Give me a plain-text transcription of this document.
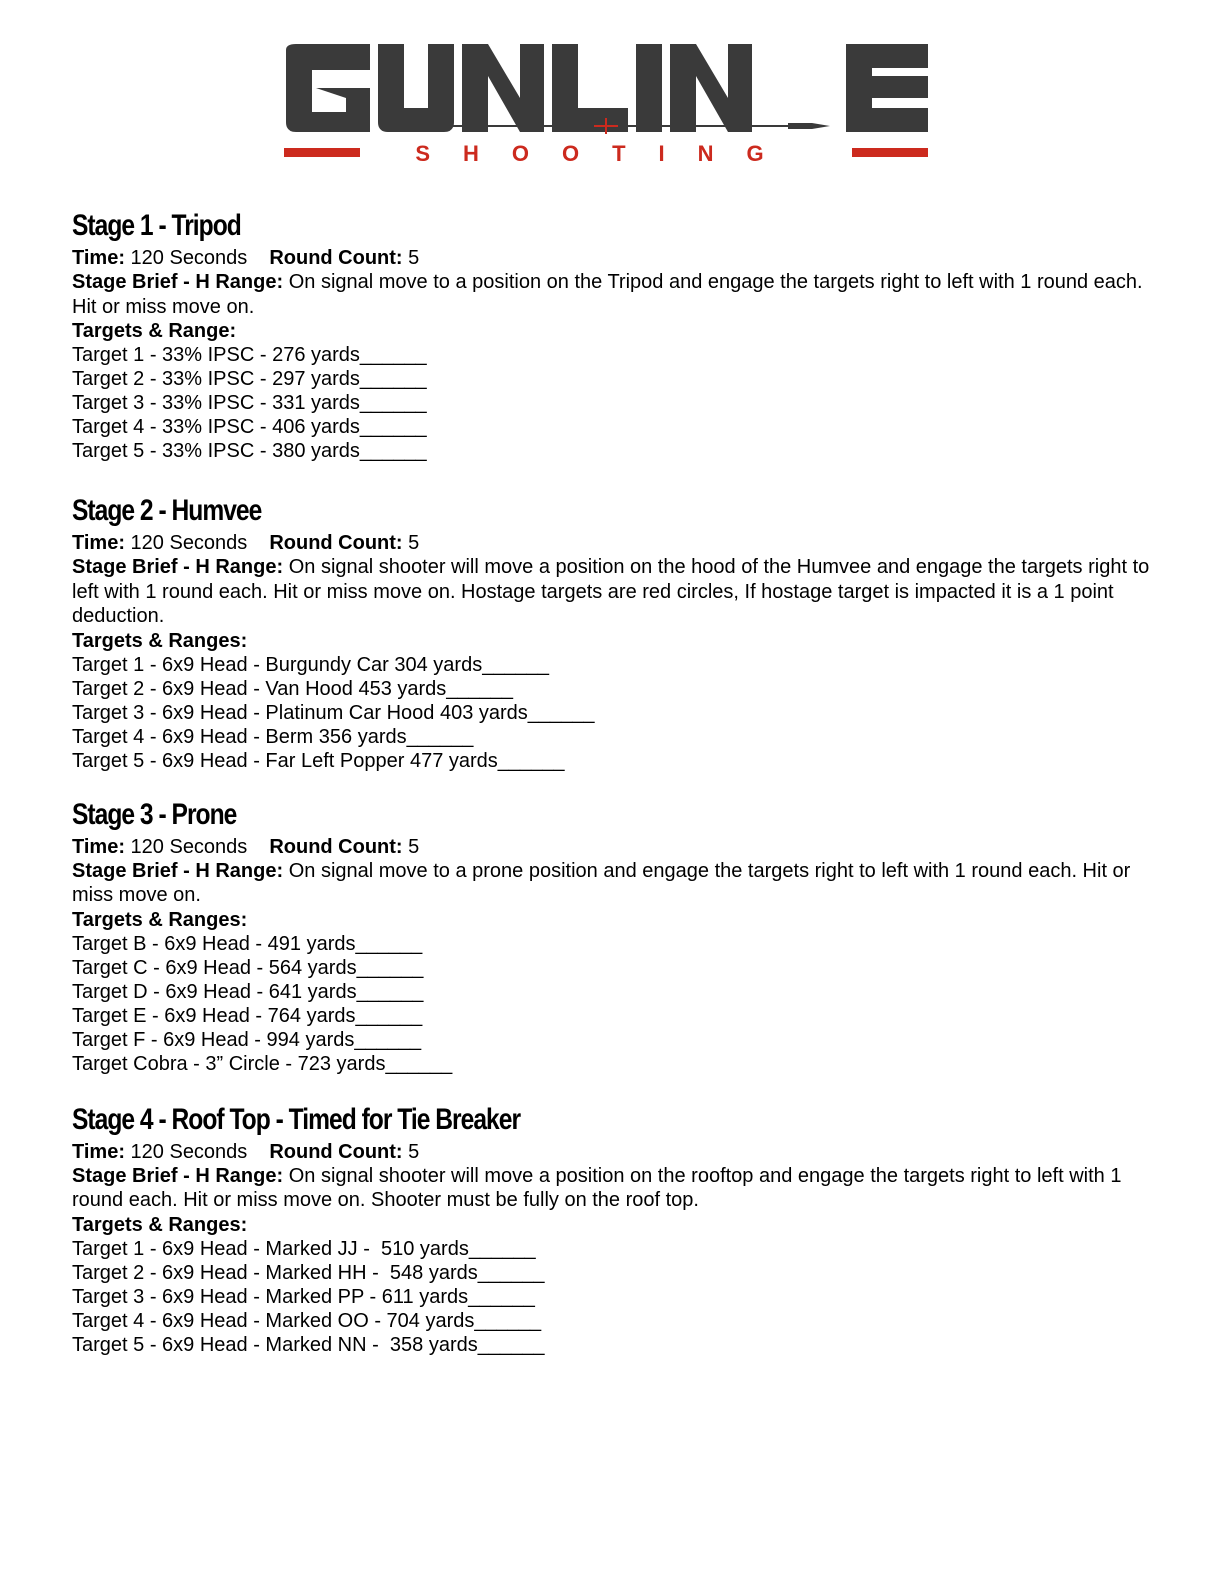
SHOOTING
Stage 1 - Tripod
Time: 120 Seconds Round Count: 5
Stage Brief - H Range: On signal move to a position on the Tripod and engage the targets right to left with 1 round each. Hit or miss move on.
Targets & Range:
Target 1 - 33% IPSC - 276 yards______
Target 2 - 33% IPSC - 297 yards______
Target 3 - 33% IPSC - 331 yards______
Target 4 - 33% IPSC - 406 yards______
Target 5 - 33% IPSC - 380 yards______
Stage 2 - Humvee
Time: 120 Seconds Round Count: 5
Stage Brief - H Range: On signal shooter will move a position on the hood of the Humvee and engage the targets right to left with 1 round each. Hit or miss move on. Hostage targets are red circles, If hostage target is impacted it is a 1 point deduction.
Targets & Ranges:
Target 1 - 6x9 Head - Burgundy Car 304 yards______
Target 2 - 6x9 Head - Van Hood 453 yards______
Target 3 - 6x9 Head - Platinum Car Hood 403 yards______
Target 4 - 6x9 Head - Berm 356 yards______
Target 5 - 6x9 Head - Far Left Popper 477 yards______
Stage 3 - Prone
Time: 120 Seconds Round Count: 5
Stage Brief - H Range: On signal move to a prone position and engage the targets right to left with 1 round each. Hit or miss move on.
Targets & Ranges:
Target B - 6x9 Head - 491 yards______
Target C - 6x9 Head - 564 yards______
Target D - 6x9 Head - 641 yards______
Target E - 6x9 Head - 764 yards______
Target F - 6x9 Head - 994 yards______
Target Cobra - 3” Circle - 723 yards______
Stage 4 - Roof Top - Timed for Tie Breaker
Time: 120 Seconds Round Count: 5
Stage Brief - H Range: On signal shooter will move a position on the rooftop and engage the targets right to left with 1 round each. Hit or miss move on. Shooter must be fully on the roof top.
Targets & Ranges:
Target 1 - 6x9 Head - Marked JJ -  510 yards______
Target 2 - 6x9 Head - Marked HH -  548 yards______
Target 3 - 6x9 Head - Marked PP - 611 yards______
Target 4 - 6x9 Head - Marked OO - 704 yards______
Target 5 - 6x9 Head - Marked NN -  358 yards______
